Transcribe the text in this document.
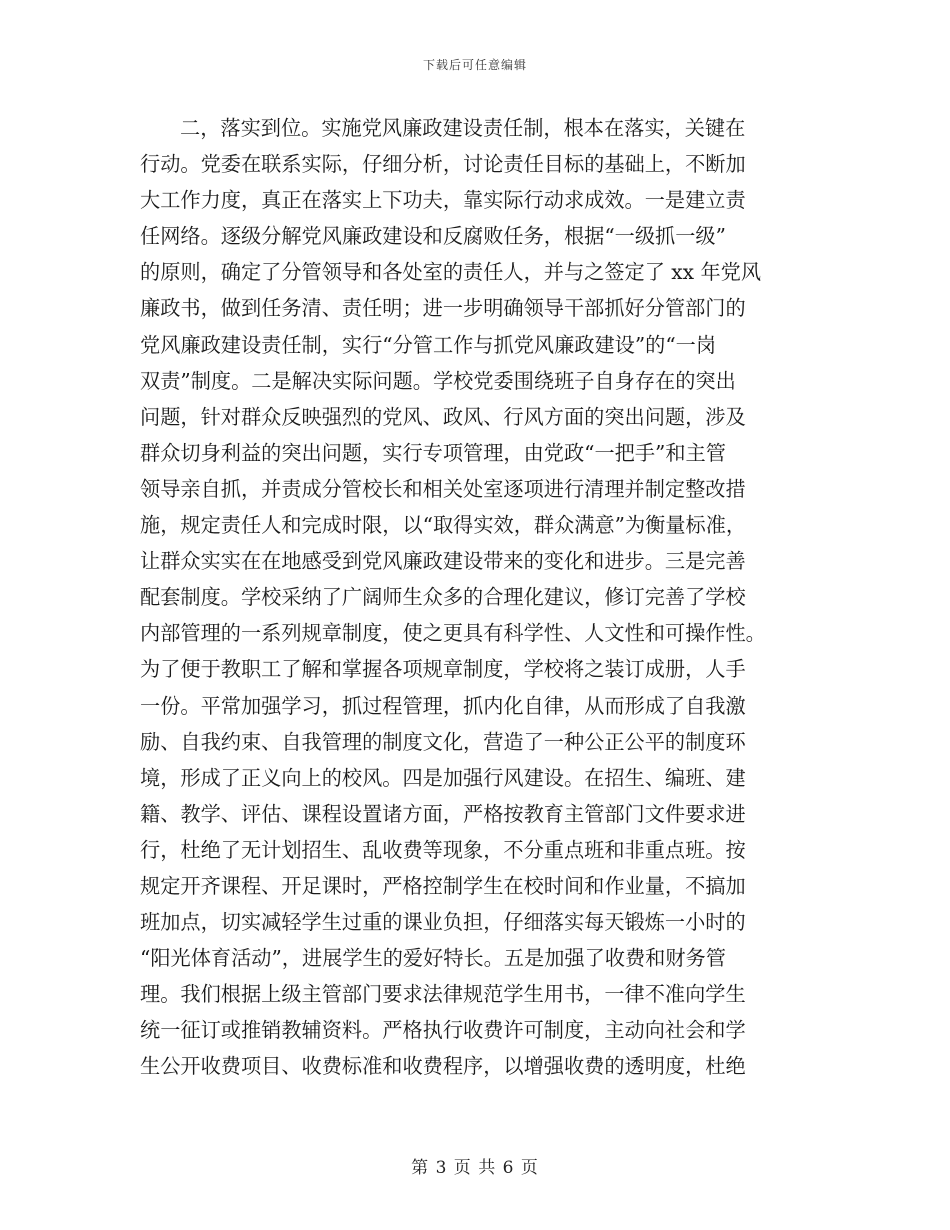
下载后可任意编辑
二，落实到位。实施党风廉政建设责任制，根本在落实，关键在
行动。党委在联系实际，仔细分析，讨论责任目标的基础上，不断加
大工作力度，真正在落实上下功夫，靠实际行动求成效。一是建立责
任网络。逐级分解党风廉政建设和反腐败任务，根据“一级抓一级”
的原则，确定了分管领导和各处室的责任人，并与之签定了 xx 年党风
廉政书，做到任务清、责任明；进一步明确领导干部抓好分管部门的
党风廉政建设责任制，实行“分管工作与抓党风廉政建设”的“一岗
双责”制度。二是解决实际问题。学校党委围绕班子自身存在的突出
问题，针对群众反映强烈的党风、政风、行风方面的突出问题，涉及
群众切身利益的突出问题，实行专项管理，由党政“一把手”和主管
领导亲自抓，并责成分管校长和相关处室逐项进行清理并制定整改措
施，规定责任人和完成时限，以“取得实效，群众满意”为衡量标准，
让群众实实在在地感受到党风廉政建设带来的变化和进步。三是完善
配套制度。学校采纳了广阔师生众多的合理化建议，修订完善了学校
内部管理的一系列规章制度，使之更具有科学性、人文性和可操作性。
为了便于教职工了解和掌握各项规章制度，学校将之装订成册，人手
一份。平常加强学习，抓过程管理，抓内化自律，从而形成了自我激
励、自我约束、自我管理的制度文化，营造了一种公正公平的制度环
境，形成了正义向上的校风。四是加强行风建设。在招生、编班、建
籍、教学、评估、课程设置诸方面，严格按教育主管部门文件要求进
行，杜绝了无计划招生、乱收费等现象，不分重点班和非重点班。按
规定开齐课程、开足课时，严格控制学生在校时间和作业量，不搞加
班加点，切实减轻学生过重的课业负担，仔细落实每天锻炼一小时的
“阳光体育活动”，进展学生的爱好特长。五是加强了收费和财务管
理。我们根据上级主管部门要求法律规范学生用书，一律不准向学生
统一征订或推销教辅资料。严格执行收费许可制度，主动向社会和学
生公开收费项目、收费标准和收费程序，以增强收费的透明度，杜绝
第 3 页 共 6 页
